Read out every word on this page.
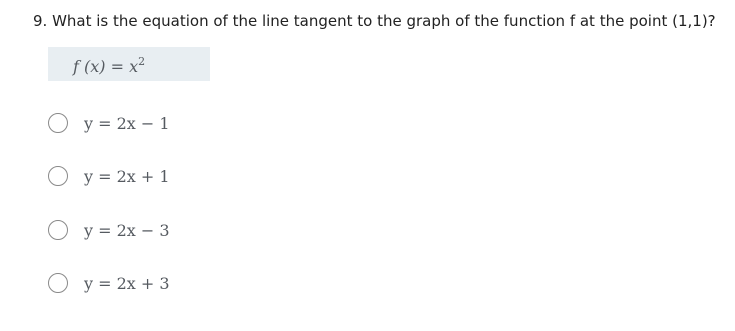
9. What is the equation of the line tangent to the graph of the function f at the point (1,1)?
f $(x) = x^2$
y = 2x − 1
y = 2x + 1
y = 2x − 3
y = 2x + 3
